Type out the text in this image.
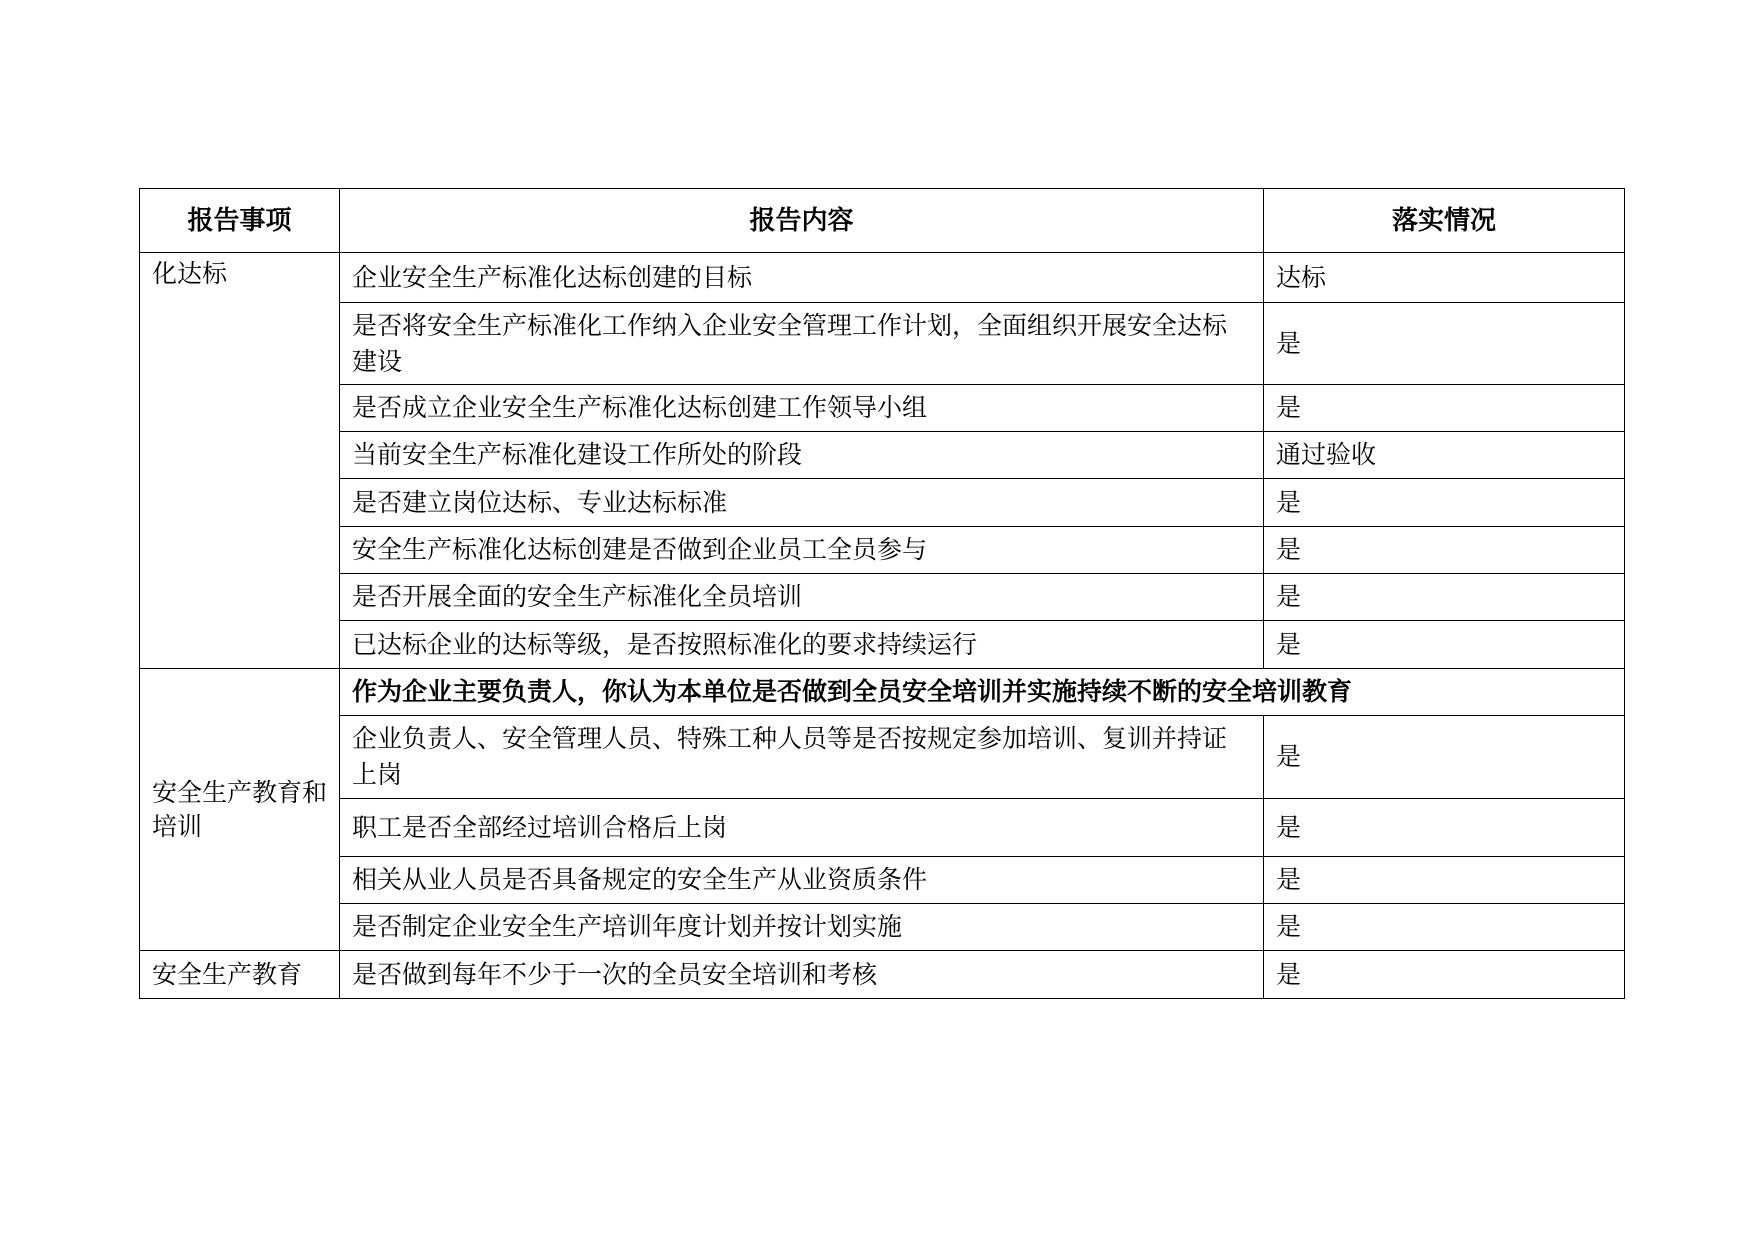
报告事项	报告内容	落实情况
化达标	企业安全生产标准化达标创建的目标	达标
	是否将安全生产标准化工作纳入企业安全管理工作计划，全面组织开展安全达标建设	是
	是否成立企业安全生产标准化达标创建工作领导小组	是
	当前安全生产标准化建设工作所处的阶段	通过验收
	是否建立岗位达标、专业达标标准	是
	安全生产标准化达标创建是否做到企业员工全员参与	是
	是否开展全面的安全生产标准化全员培训	是
	已达标企业的达标等级，是否按照标准化的要求持续运行	是
安全生产教育和培训	作为企业主要负责人，你认为本单位是否做到全员安全培训并实施持续不断的安全培训教育	
	企业负责人、安全管理人员、特殊工种人员等是否按规定参加培训、复训并持证上岗	是
	职工是否全部经过培训合格后上岗	是
	相关从业人员是否具备规定的安全生产从业资质条件	是
	是否制定企业安全生产培训年度计划并按计划实施	是
安全生产教育	是否做到每年不少于一次的全员安全培训和考核	是
